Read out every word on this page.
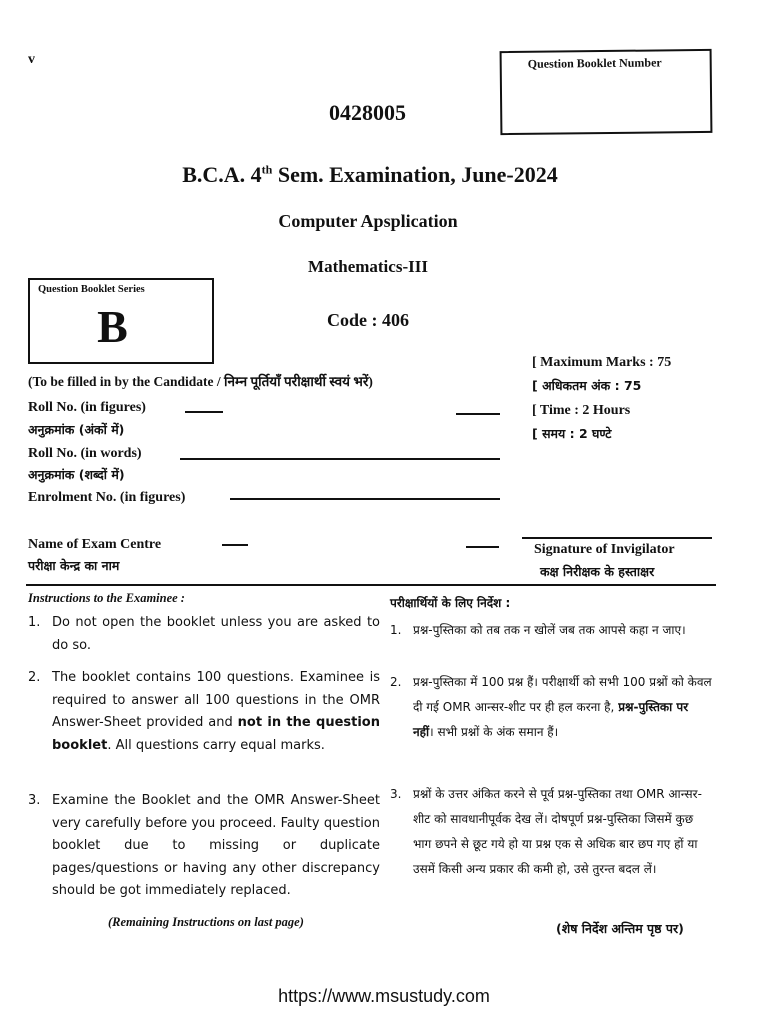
v	Question Booklet Number
0428005
B.C.A. 4th Sem. Examination, June-2024
Computer Apsplication
Mathematics-III
Code : 406
Question Booklet Series
B
[ Maximum Marks : 75
[ अधिकतम अंक : 75
[ Time : 2 Hours
[ समय : 2 घण्टे
(To be filled in by the Candidate / निम्न पूर्तियाँ परीक्षार्थी स्वयं भरें)
Roll No. (in figures)
अनुक्रमांक (अंकों में)
Roll No. (in words)
अनुक्रमांक (शब्दों में)
Enrolment No. (in figures)
Name of Exam Centre
परीक्षा केन्द्र का नाम
Signature of Invigilator
कक्ष निरीक्षक के हस्ताक्षर
Instructions to the Examinee :
1. Do not open the booklet unless you are asked to do so.
2. The booklet contains 100 questions. Examinee is required to answer all 100 questions in the OMR Answer-Sheet provided and not in the question booklet. All questions carry equal marks.
3. Examine the Booklet and the OMR Answer-Sheet very carefully before you proceed. Faulty question booklet due to missing or duplicate pages/questions or having any other discrepancy should be got immediately replaced.
(Remaining Instructions on last page)
परीक्षार्थियों के लिए निर्देश :
1. प्रश्न-पुस्तिका को तब तक न खोलें जब तक आपसे कहा न जाए।
2. प्रश्न-पुस्तिका में 100 प्रश्न हैं। परीक्षार्थी को सभी 100 प्रश्नों को केवल दी गई OMR आन्सर-शीट पर ही हल करना है, प्रश्न-पुस्तिका पर नहीं। सभी प्रश्नों के अंक समान हैं।
3. प्रश्नों के उत्तर अंकित करने से पूर्व प्रश्न-पुस्तिका तथा OMR आन्सर-शीट को सावधानीपूर्वक देख लें। दोषपूर्ण प्रश्न-पुस्तिका जिसमें कुछ भाग छपने से छूट गये हो या प्रश्न एक से अधिक बार छप गए हों या उसमें किसी अन्य प्रकार की कमी हो, उसे तुरन्त बदल लें।
(शेष निर्देश अन्तिम पृष्ठ पर)
https://www.msustudy.com
